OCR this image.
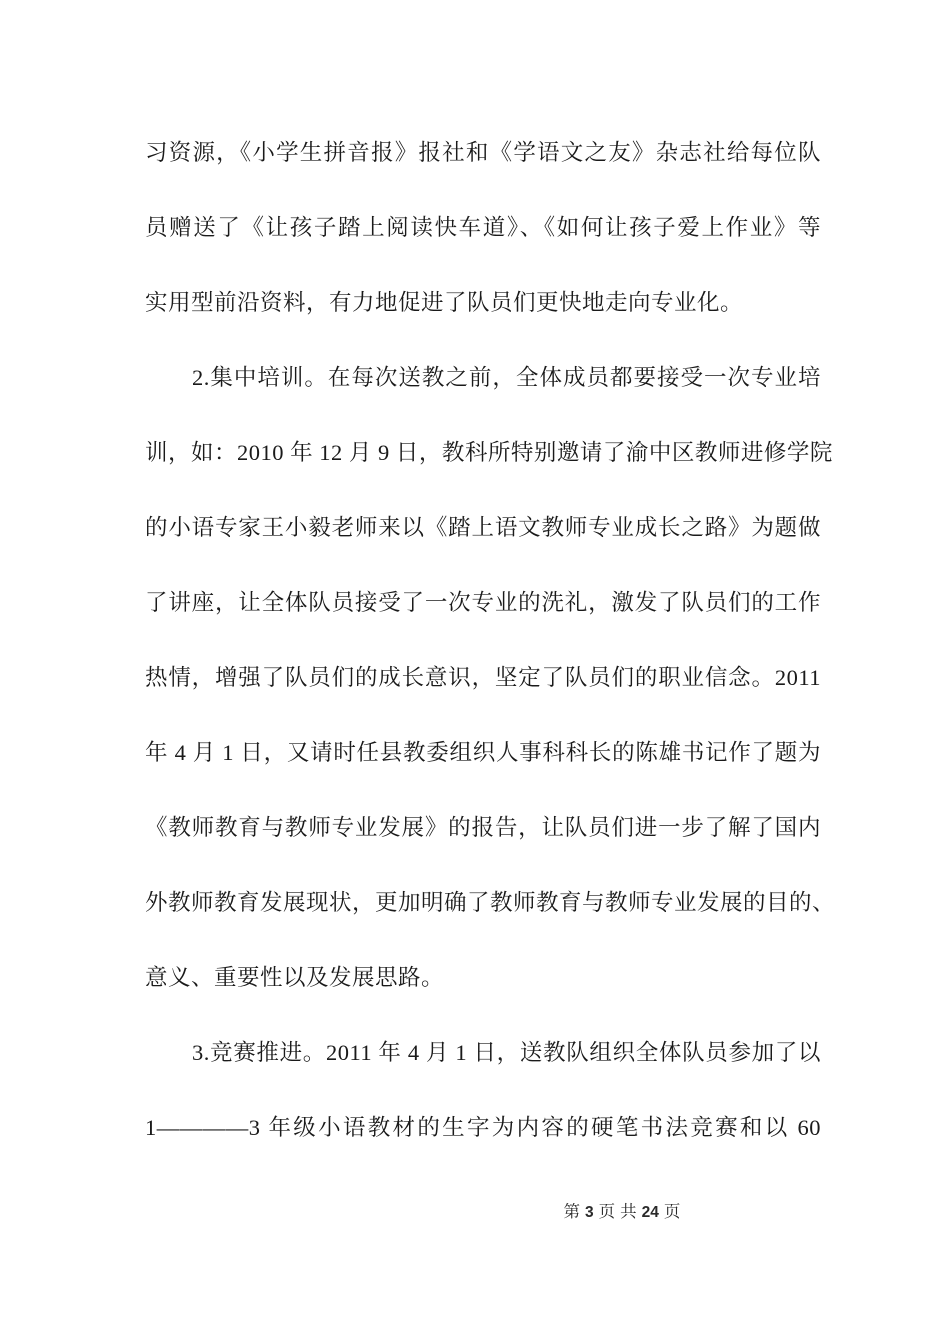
习资源，《小学生拼音报》报社和《学语文之友》杂志社给每位队
员赠送了《让孩子踏上阅读快车道》、《如何让孩子爱上作业》等
实用型前沿资料，有力地促进了队员们更快地走向专业化。
2.集中培训。在每次送教之前，全体成员都要接受一次专业培
训，如：2010 年 12 月 9 日，教科所特别邀请了渝中区教师进修学院
的小语专家王小毅老师来以《踏上语文教师专业成长之路》为题做
了讲座，让全体队员接受了一次专业的洗礼，激发了队员们的工作
热情，增强了队员们的成长意识，坚定了队员们的职业信念。2011
年 4 月 1 日，又请时任县教委组织人事科科长的陈雄书记作了题为
《教师教育与教师专业发展》的报告，让队员们进一步了解了国内
外教师教育发展现状，更加明确了教师教育与教师专业发展的目的、
意义、重要性以及发展思路。
3.竞赛推进。2011 年 4 月 1 日，送教队组织全体队员参加了以
1————3 年级小语教材的生字为内容的硬笔书法竞赛和以 60
第 3 页 共 24 页
